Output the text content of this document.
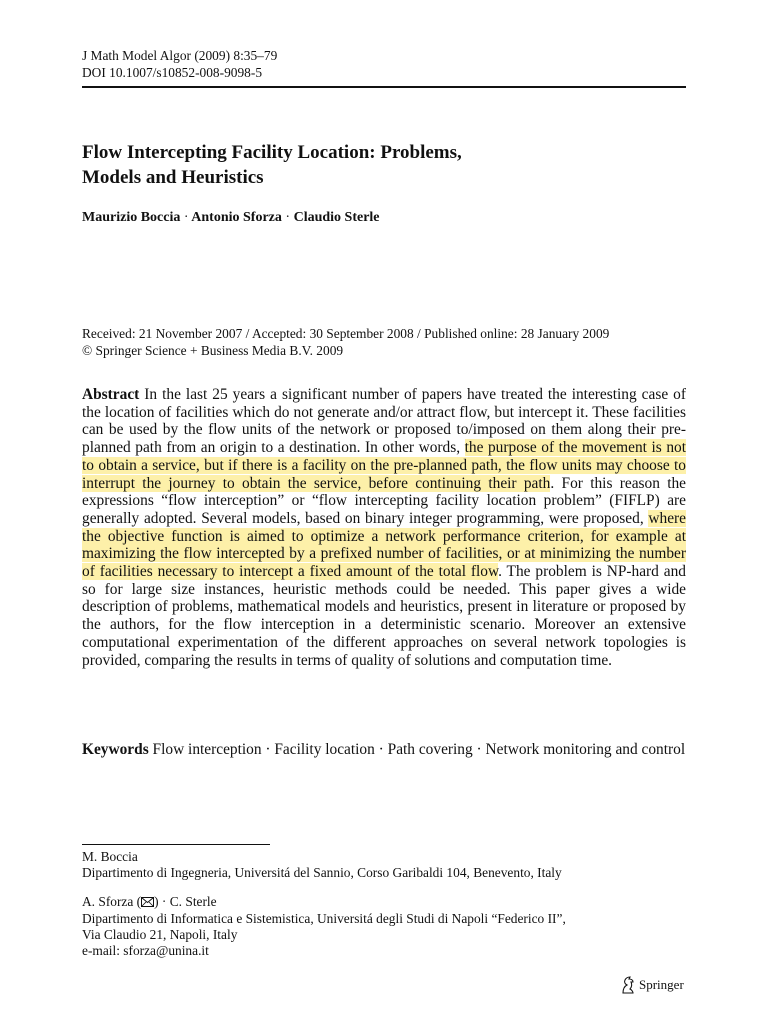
J Math Model Algor (2009) 8:35–79
DOI 10.1007/s10852-008-9098-5
Flow Intercepting Facility Location: Problems,
Models and Heuristics
Maurizio Boccia · Antonio Sforza · Claudio Sterle
Received: 21 November 2007 / Accepted: 30 September 2008 / Published online: 28 January 2009
© Springer Science + Business Media B.V. 2009

Abstract In the last 25 years a significant number of papers have treated the interesting case of the location of facilities which do not generate and/or attract flow, but intercept it. These facilities can be used by the flow units of the network or proposed to/imposed on them along their pre-planned path from an origin to a destination. In other words, the purpose of the movement is not to obtain a service, but if there is a facility on the pre-planned path, the flow units may choose to interrupt the journey to obtain the service, before continuing their path. For this reason the expressions “flow interception” or “flow intercepting facility location problem” (FIFLP) are generally adopted. Several models, based on binary integer programming, were proposed, where the objective function is aimed to optimize a network performance criterion, for example at maximizing the flow intercepted by a prefixed number of facilities, or at minimizing the number of facilities necessary to intercept a fixed amount of the total flow. The problem is NP-hard and so for large size instances, heuristic methods could be needed. This paper gives a wide description of problems, mathematical models and heuristics, present in literature or proposed by the authors, for the flow interception in a deterministic scenario. Moreover an extensive computational experimentation of the different approaches on several network topologies is provided, comparing the results in terms of quality of solutions and computation time.

Keywords Flow interception · Facility location · Path covering · Network monitoring and control
M. Boccia
Dipartimento di Ingegneria, Universitá del Sannio, Corso Garibaldi 104, Benevento, Italy
A. Sforza ( ) · C. Sterle
Dipartimento di Informatica e Sistemistica, Universitá degli Studi di Napoli “Federico II”,
Via Claudio 21, Napoli, Italy
e-mail: sforza@unina.it
Springer
